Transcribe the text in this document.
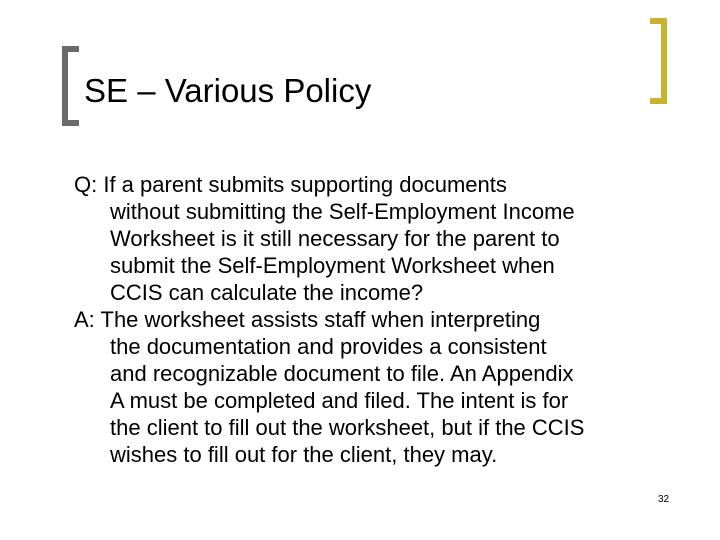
SE – Various Policy

Q: If a parent submits supporting documents
without submitting the Self-Employment Income
Worksheet is it still necessary for the parent to
submit the Self-Employment Worksheet when
CCIS can calculate the income?

A: The worksheet assists staff when interpreting
the documentation and provides a consistent
and recognizable document to file. An Appendix
A must be completed and filed. The intent is for
the client to fill out the worksheet, but if the CCIS
wishes to fill out for the client, they may.

32
